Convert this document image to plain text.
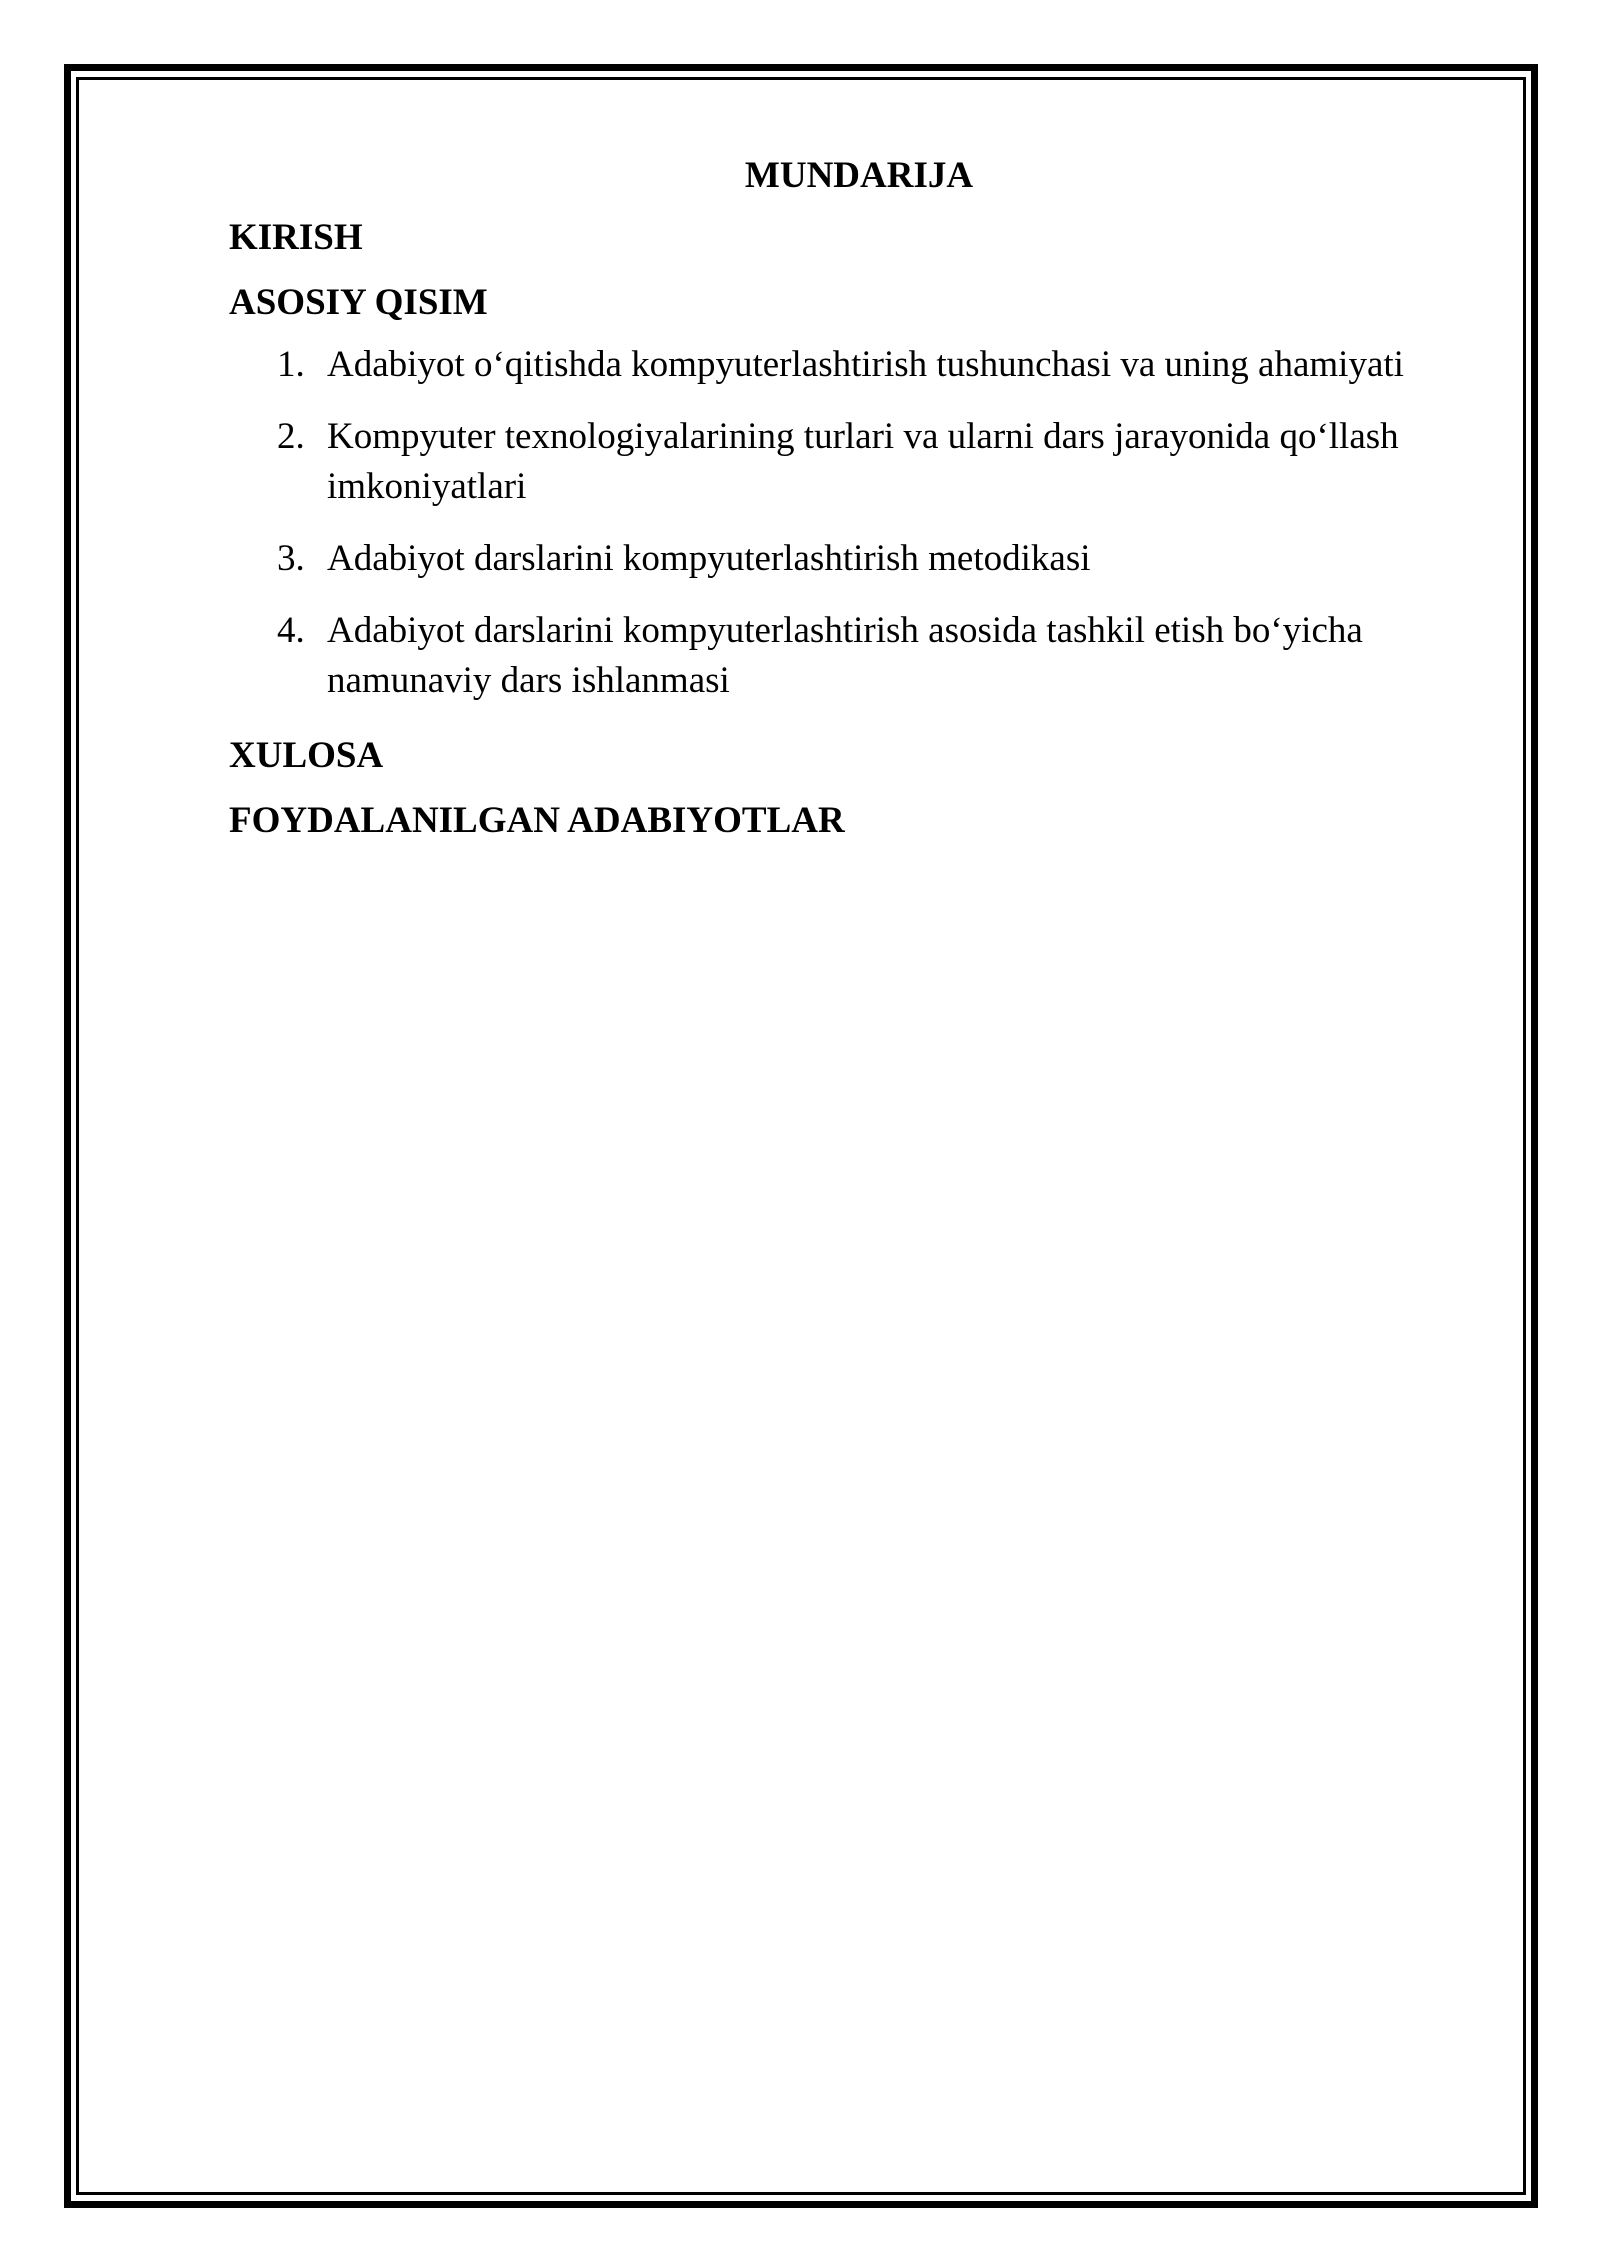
MUNDARIJA
KIRISH
ASOSIY QISIM
1. Adabiyot o‘qitishda kompyuterlashtirish tushunchasi va uning ahamiyati
2. Kompyuter texnologiyalarining turlari va ularni dars jarayonida qo‘llash imkoniyatlari
3. Adabiyot darslarini kompyuterlashtirish metodikasi
4. Adabiyot darslarini kompyuterlashtirish asosida tashkil etish bo‘yicha namunaviy dars ishlanmasi
XULOSA
FOYDALANILGAN ADABIYOTLAR
